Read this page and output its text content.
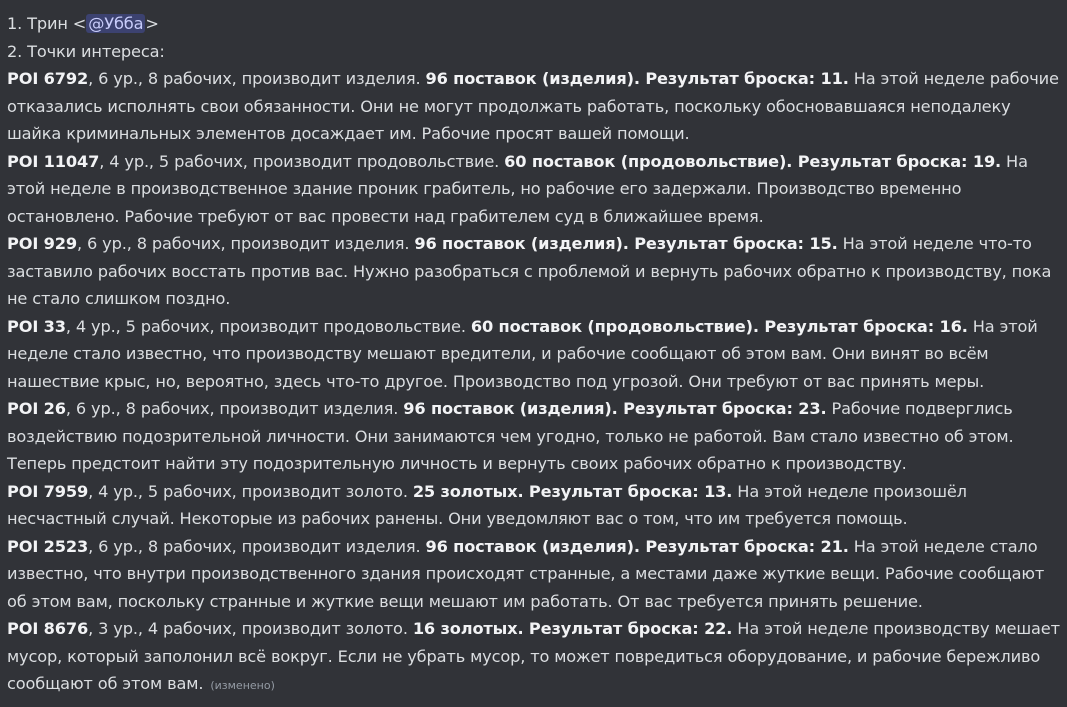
1. Трин < @Убба >
2. Точки интереса:
POI 6792, 6 ур., 8 рабочих, производит изделия. 96 поставок (изделия). Результат броска: 11. На этой неделе рабочие отказались исполнять свои обязанности. Они не могут продолжать работать, поскольку обосновавшаяся неподалеку шайка криминальных элементов досаждает им. Рабочие просят вашей помощи.
POI 11047, 4 ур., 5 рабочих, производит продовольствие. 60 поставок (продовольствие). Результат броска: 19. На этой неделе в производственное здание проник грабитель, но рабочие его задержали. Производство временно остановлено. Рабочие требуют от вас провести над грабителем суд в ближайшее время.
POI 929, 6 ур., 8 рабочих, производит изделия. 96 поставок (изделия). Результат броска: 15. На этой неделе что-то заставило рабочих восстать против вас. Нужно разобраться с проблемой и вернуть рабочих обратно к производству, пока не стало слишком поздно.
POI 33, 4 ур., 5 рабочих, производит продовольствие. 60 поставок (продовольствие). Результат броска: 16. На этой неделе стало известно, что производству мешают вредители, и рабочие сообщают об этом вам. Они винят во всём нашествие крыс, но, вероятно, здесь что-то другое. Производство под угрозой. Они требуют от вас принять меры.
POI 26, 6 ур., 8 рабочих, производит изделия. 96 поставок (изделия). Результат броска: 23. Рабочие подверглись воздействию подозрительной личности. Они занимаются чем угодно, только не работой. Вам стало известно об этом. Теперь предстоит найти эту подозрительную личность и вернуть своих рабочих обратно к производству.
POI 7959, 4 ур., 5 рабочих, производит золото. 25 золотых. Результат броска: 13. На этой неделе произошёл несчастный случай. Некоторые из рабочих ранены. Они уведомляют вас о том, что им требуется помощь.
POI 2523, 6 ур., 8 рабочих, производит изделия. 96 поставок (изделия). Результат броска: 21. На этой неделе стало известно, что внутри производственного здания происходят странные, а местами даже жуткие вещи. Рабочие сообщают об этом вам, поскольку странные и жуткие вещи мешают им работать. От вас требуется принять решение.
POI 8676, 3 ур., 4 рабочих, производит золото. 16 золотых. Результат броска: 22. На этой неделе производству мешает мусор, который заполонил всё вокруг. Если не убрать мусор, то может повредиться оборудование, и рабочие бережливо сообщают об этом вам. (изменено)
